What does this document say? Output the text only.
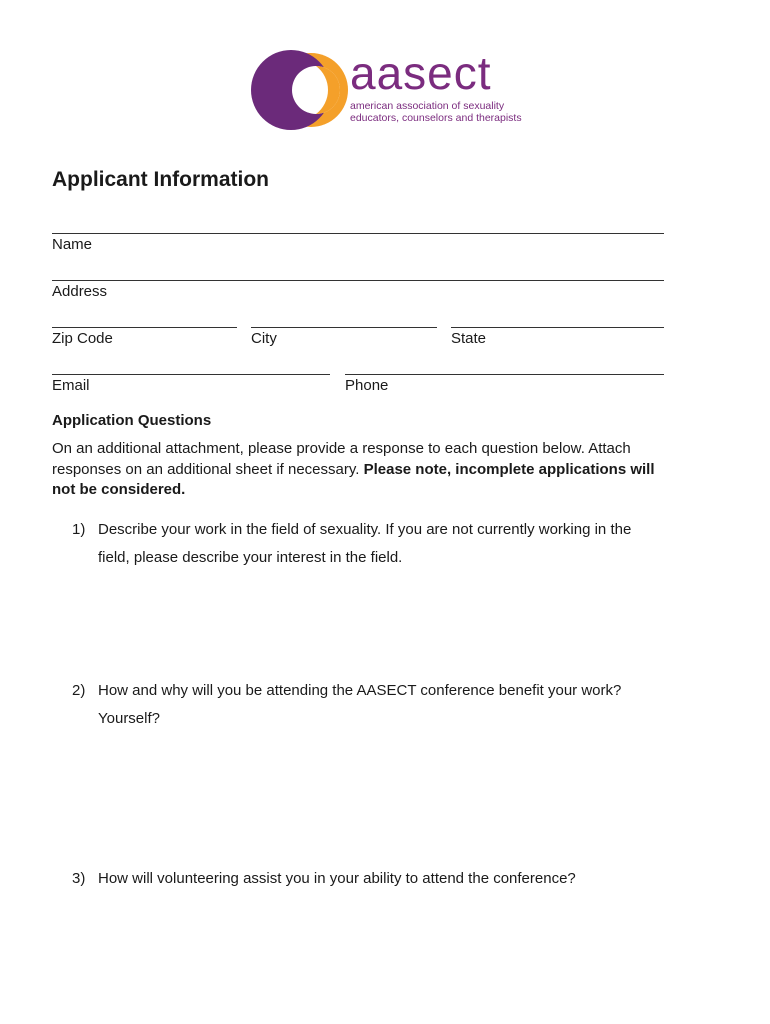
aasect
american association of sexuality
educators, counselors and therapists
Applicant Information
Name
Address
Zip Code	City	State
Email	Phone
Application Questions

On an additional attachment, please provide a response to each question below. Attach responses on an additional sheet if necessary. Please note, incomplete applications will not be considered.

1) Describe your work in the field of sexuality. If you are not currently working in the field, please describe your interest in the field.
2) How and why will you be attending the AASECT conference benefit your work? Yourself?
3) How will volunteering assist you in your ability to attend the conference?
